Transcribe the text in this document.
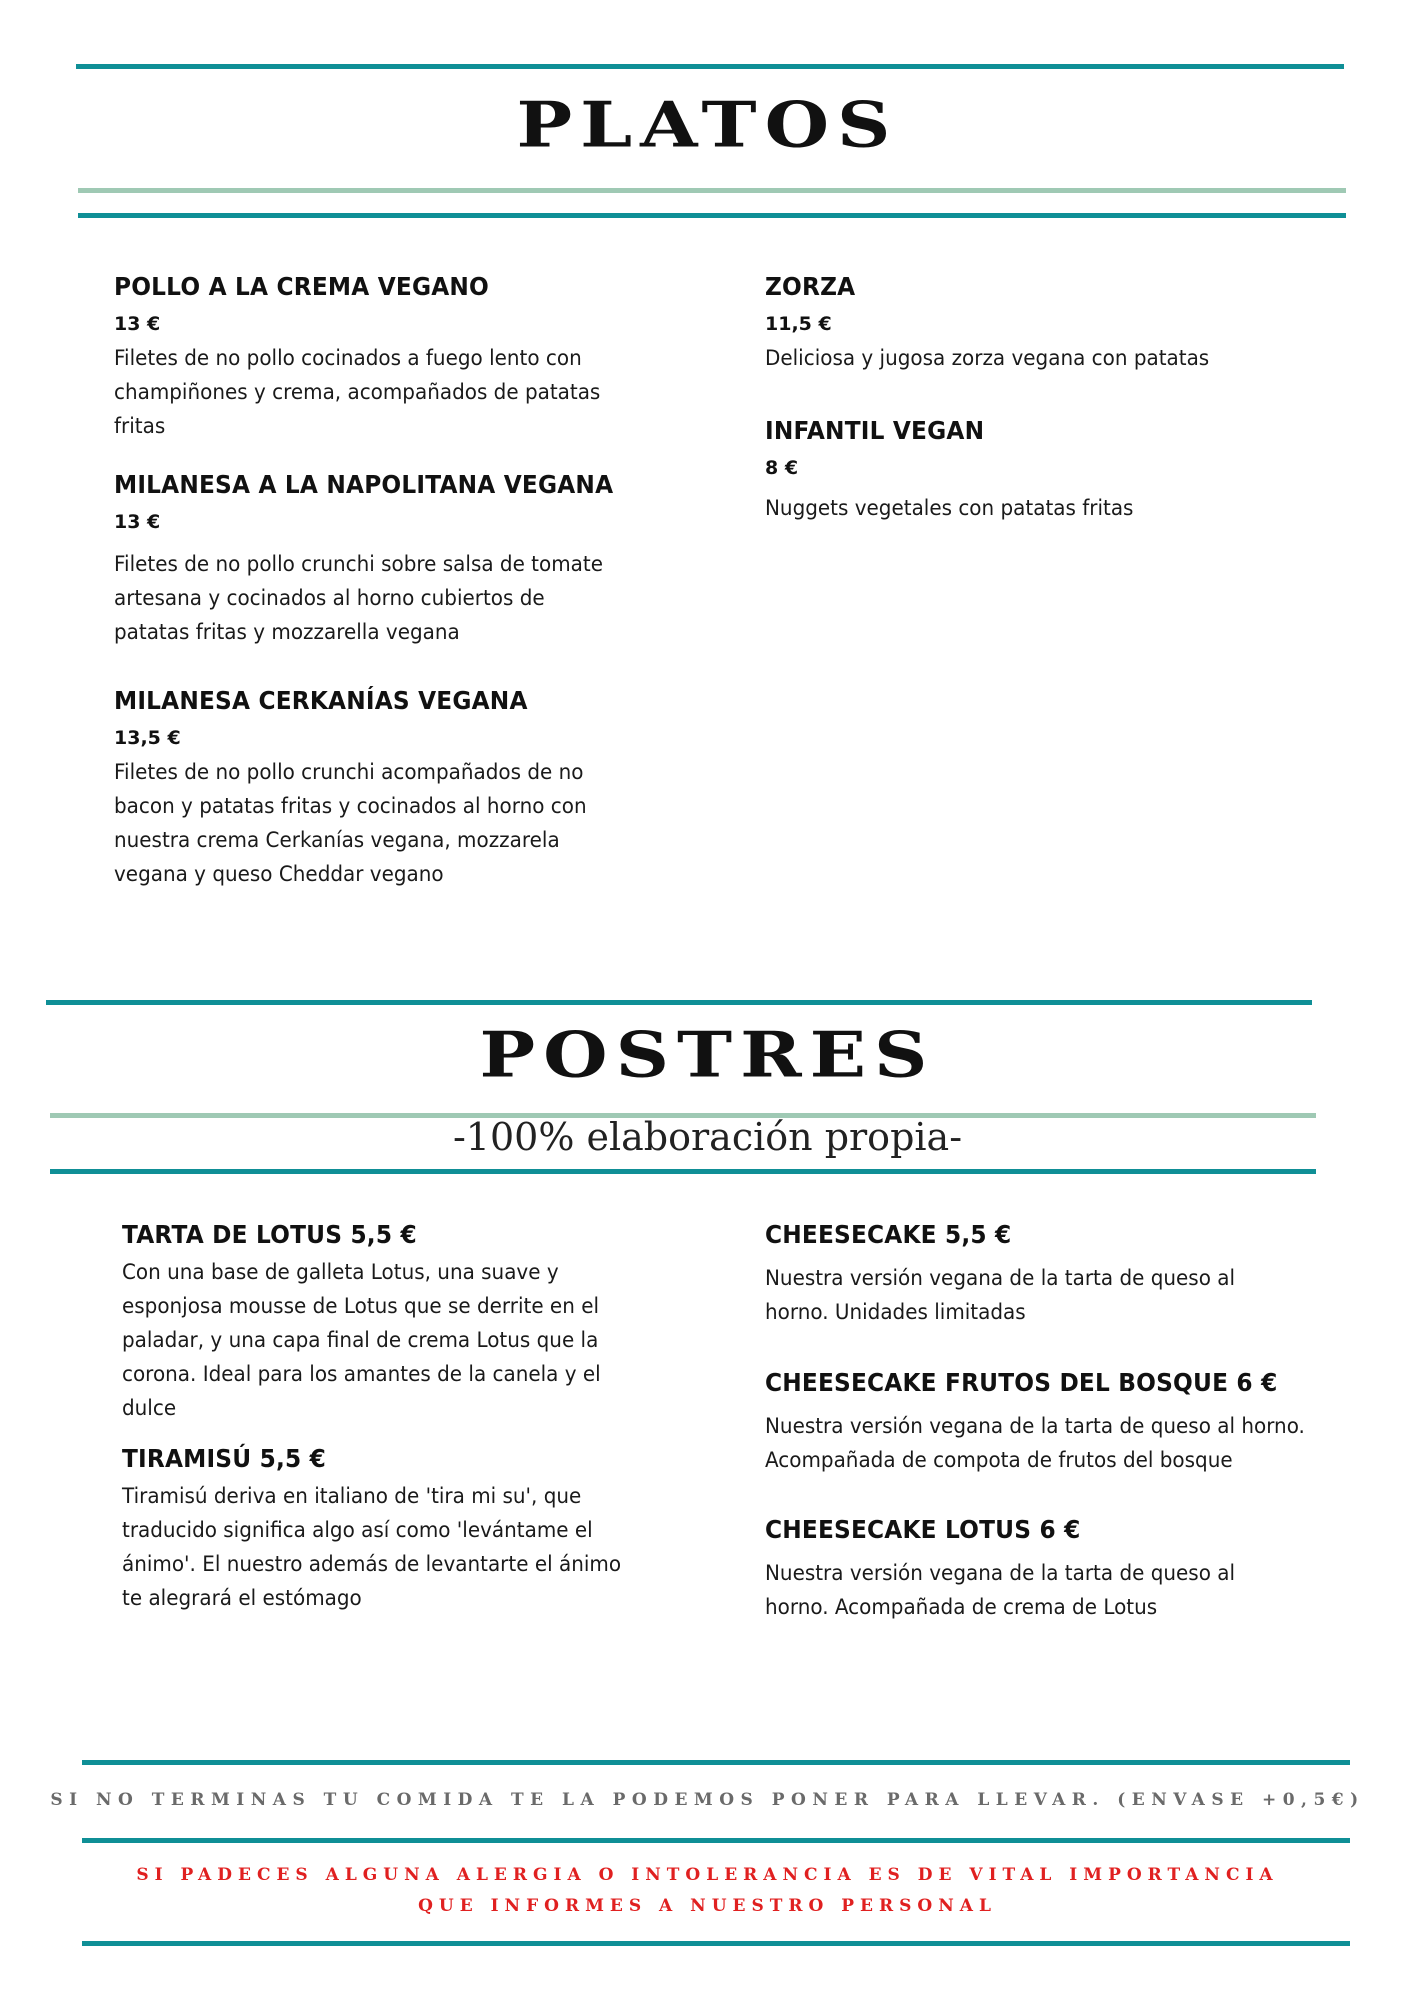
PLATOS
POLLO A LA CREMA VEGANO
13 €
Filetes de no pollo cocinados a fuego lento con champiñones y crema, acompañados de patatas fritas
MILANESA A LA NAPOLITANA VEGANA
13 €
Filetes de no pollo crunchi sobre salsa de tomate artesana y cocinados al horno cubiertos de patatas fritas y mozzarella vegana
MILANESA CERKANÍAS VEGANA
13,5 €
Filetes de no pollo crunchi acompañados de no bacon y patatas fritas y cocinados al horno con nuestra crema Cerkanías vegana, mozzarela vegana y queso Cheddar vegano
ZORZA
11,5 €
Deliciosa y jugosa zorza vegana con patatas
INFANTIL VEGAN
8 €
Nuggets vegetales con patatas fritas
POSTRES
-100% elaboración propia-
TARTA DE LOTUS 5,5 €
Con una base de galleta Lotus, una suave y esponjosa mousse de Lotus que se derrite en el paladar, y una capa final de crema Lotus que la corona. Ideal para los amantes de la canela y el dulce
TIRAMISÚ 5,5 €
Tiramisú deriva en italiano de 'tira mi su', que traducido significa algo así como 'levántame el ánimo'. El nuestro además de levantarte el ánimo te alegrará el estómago
CHEESECAKE 5,5 €
Nuestra versión vegana de la tarta de queso al horno. Unidades limitadas
CHEESECAKE FRUTOS DEL BOSQUE 6 €
Nuestra versión vegana de la tarta de queso al horno. Acompañada de compota de frutos del bosque
CHEESECAKE LOTUS 6 €
Nuestra versión vegana de la tarta de queso al horno. Acompañada de crema de Lotus
SI NO TERMINAS TU COMIDA TE LA PODEMOS PONER PARA LLEVAR. (ENVASE +0,5€)
SI PADECES ALGUNA ALERGIA O INTOLERANCIA ES DE VITAL IMPORTANCIA
QUE INFORMES A NUESTRO PERSONAL
